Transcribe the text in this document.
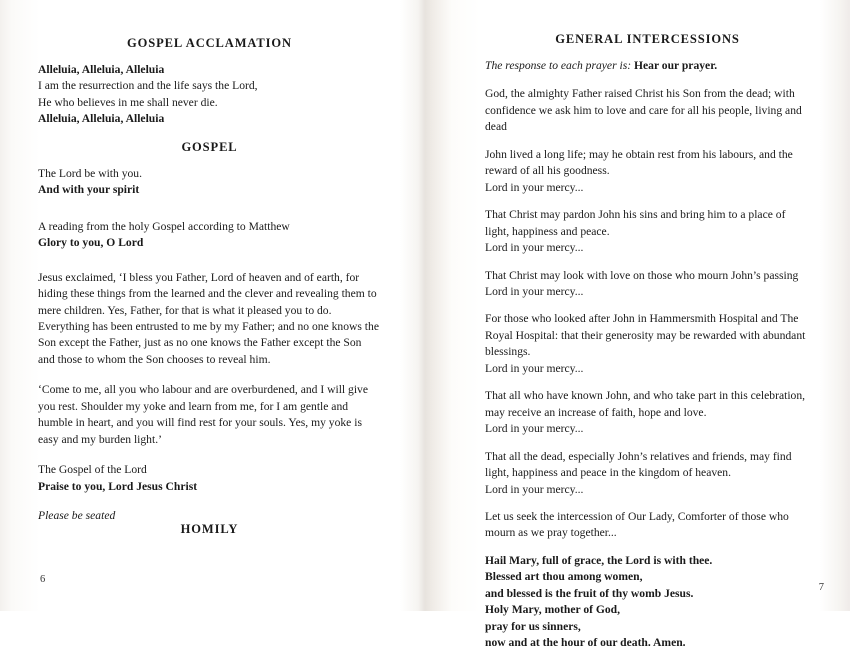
GOSPEL ACCLAMATION
Alleluia, Alleluia, Alleluia
I am the resurrection and the life says the Lord,
He who believes in me shall never die.
Alleluia, Alleluia, Alleluia
GOSPEL
The Lord be with you.
And with your spirit
A reading from the holy Gospel according to Matthew
Glory to you, O Lord

Jesus exclaimed, ‘I bless you Father, Lord of heaven and of earth, for hiding these things from the learned and the clever and revealing them to mere children. Yes, Father, for that is what it pleased you to do. Everything has been entrusted to me by my Father; and no one knows the Son except the Father, just as no one knows the Father except the Son and those to whom the Son chooses to reveal him.

‘Come to me, all you who labour and are overburdened, and I will give you rest. Shoulder my yoke and learn from me, for I am gentle and humble in heart, and you will find rest for your souls. Yes, my yoke is easy and my burden light.’

The Gospel of the Lord
Praise to you, Lord Jesus Christ
Please be seated
HOMILY
6
GENERAL INTERCESSIONS
The response to each prayer is: Hear our prayer.
God, the almighty Father raised Christ his Son from the dead; with confidence we ask him to love and care for all his people, living and dead
John lived a long life; may he obtain rest from his labours, and the reward of all his goodness.
Lord in your mercy...
That Christ may pardon John his sins and bring him to a place of light, happiness and peace.
Lord in your mercy...
That Christ may look with love on those who mourn John’s passing
Lord in your mercy...
For those who looked after John in Hammersmith Hospital and The Royal Hospital: that their generosity may be rewarded with abundant blessings.
Lord in your mercy...
That all who have known John, and who take part in this celebration, may receive an increase of faith, hope and love.
Lord in your mercy...
That all the dead, especially John’s relatives and friends, may find light, happiness and peace in the kingdom of heaven.
Lord in your mercy...
Let us seek the intercession of Our Lady, Comforter of those who mourn as we pray together...
Hail Mary, full of grace, the Lord is with thee.
Blessed art thou among women,
and blessed is the fruit of thy womb Jesus.
Holy Mary, mother of God,
pray for us sinners,
now and at the hour of our death. Amen.
7
